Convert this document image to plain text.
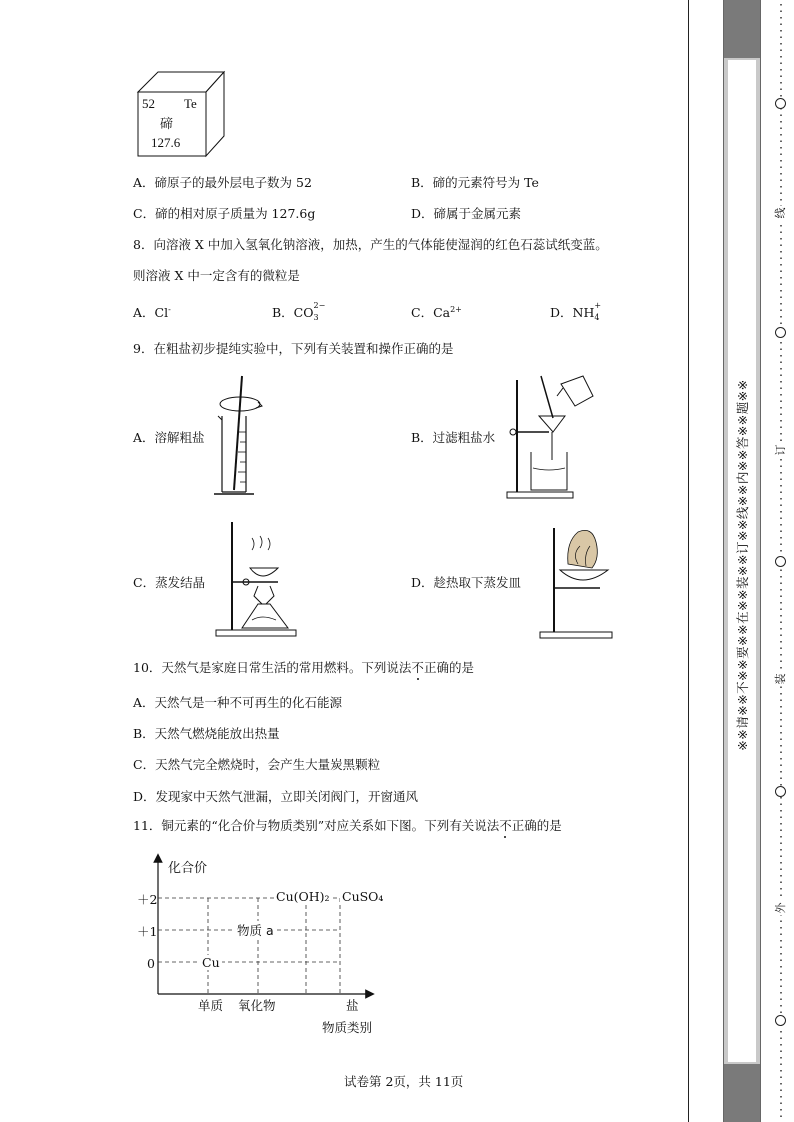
52 Te
碲
127.6
A．碲原子的最外层电子数为 52	B．碲的元素符号为 Te
C．碲的相对原子质量为 127.6g	D．碲属于金属元素
8．向溶液 X 中加入氢氧化钠溶液，加热，产生的气体能使湿润的红色石蕊试纸变蓝。
则溶液 X 中一定含有的微粒是
A．Cl-	B．CO 2−
3	C．$Ca^{2+}$	D．NH +
4
9．在粗盐初步提纯实验中，下列有关装置和操作正确的是
A．溶解粗盐	B．过滤粗盐水
C．蒸发结晶	D．趁热取下蒸发皿
10．天然气是家庭日常生活的常用燃料。下列说法不正确的是
A．天然气是一种不可再生的化石能源
B．天然气燃烧能放出热量
C．天然气完全燃烧时，会产生大量炭黑颗粒
D．发现家中天然气泄漏，立即关闭阀门，开窗通风
11．铜元素的“化合价与物质类别”对应关系如下图。下列有关说法不正确的是
化合价
＋2
＋1
0
单质 氧化物	盐
物质类别
Cu
物质 a
Cu(OH)₂ CuSO₄
※※请※※不※※要※※在※※装※※订※※线※※内※※答※※题※※
线
订
装
外
试卷第 2页，共 11页
